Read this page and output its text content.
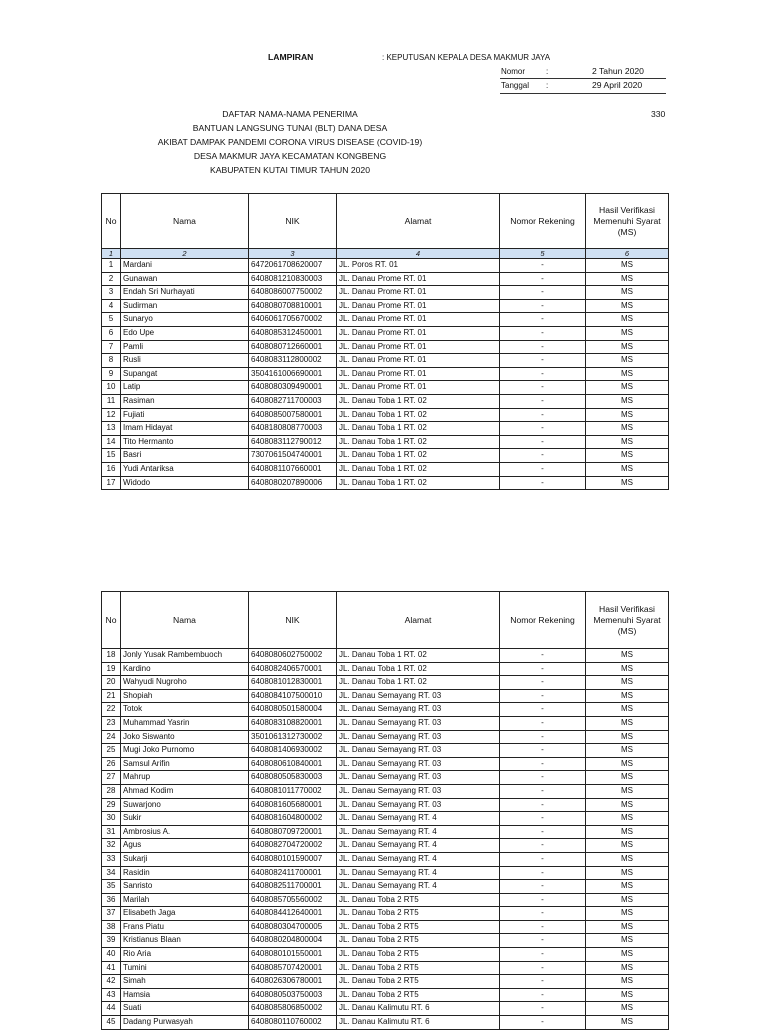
LAMPIRAN	: KEPUTUSAN KEPALA DESA MAKMUR JAYA
Nomor	:	2 Tahun 2020
Tanggal :	29 April 2020
330
DAFTAR NAMA-NAMA PENERIMA
BANTUAN LANGSUNG TUNAI (BLT) DANA DESA
AKIBAT DAMPAK PANDEMI CORONA VIRUS DISEASE (COVID-19)
DESA MAKMUR JAYA KECAMATAN KONGBENG
KABUPATEN KUTAI TIMUR TAHUN 2020
No	Nama	NIK	Alamat	Nomor Rekening	Hasil Verifikasi Memenuhi Syarat (MS)
1	2	3	4	5	6
1	Mardani	6472061708620007	JL. Poros RT. 01	-	MS
2	Gunawan	6408081210830003	JL. Danau Prome RT. 01	-	MS
3	Endah Sri Nurhayati	6408086007750002	JL. Danau Prome RT. 01	-	MS
4	Sudirman	6408080708810001	JL. Danau Prome RT. 01	-	MS
5	Sunaryo	6406061705670002	JL. Danau Prome RT. 01	-	MS
6	Edo Upe	6408085312450001	JL. Danau Prome RT. 01	-	MS
7	Pamli	6408080712660001	JL. Danau Prome RT. 01	-	MS
8	Rusli	6408083112800002	JL. Danau Prome RT. 01	-	MS
9	Supangat	3504161006690001	JL. Danau Prome RT. 01	-	MS
10	Latip	6408080309490001	JL. Danau Prome RT. 01	-	MS
11	Rasiman	6408082711700003	JL. Danau Toba 1 RT. 02	-	MS
12	Fujiati	6408085007580001	JL. Danau Toba 1 RT. 02	-	MS
13	Imam Hidayat	6408180808770003	JL. Danau Toba 1 RT. 02	-	MS
14	Tito Hermanto	6408083112790012	JL. Danau Toba 1 RT. 02	-	MS
15	Basri	7307061504740001	JL. Danau Toba 1 RT. 02	-	MS
16	Yudi Antariksa	6408081107660001	JL. Danau Toba 1 RT. 02	-	MS
17	Widodo	6408080207890006	JL. Danau Toba 1 RT. 02	-	MS
No	Nama	NIK	Alamat	Nomor Rekening	Hasil Verifikasi Memenuhi Syarat (MS)
18	Jonly Yusak Rambembuoch	6408080602750002	JL. Danau Toba 1 RT. 02	-	MS
19	Kardino	6408082406570001	JL. Danau Toba 1 RT. 02	-	MS
20	Wahyudi Nugroho	6408081012830001	JL. Danau Toba 1 RT. 02	-	MS
21	Shopiah	6408084107500010	JL. Danau Semayang RT. 03	-	MS
22	Totok	6408080501580004	JL. Danau Semayang RT. 03	-	MS
23	Muhammad Yasrin	6408083108820001	JL. Danau Semayang RT. 03	-	MS
24	Joko Siswanto	3501061312730002	JL. Danau Semayang RT. 03	-	MS
25	Mugi Joko Purnomo	6408081406930002	JL. Danau Semayang RT. 03	-	MS
26	Samsul Arifin	6408080610840001	JL. Danau Semayang RT. 03	-	MS
27	Mahrup	6408080505830003	JL. Danau Semayang RT. 03	-	MS
28	Ahmad Kodim	6408081011770002	JL. Danau Semayang RT. 03	-	MS
29	Suwarjono	6408081605680001	JL. Danau Semayang RT. 03	-	MS
30	Sukir	6408081604800002	JL. Danau Semayang RT. 4	-	MS
31	Ambrosius A.	6408080709720001	JL. Danau Semayang RT. 4	-	MS
32	Agus	6408082704720002	JL. Danau Semayang RT. 4	-	MS
33	Sukarji	6408080101590007	JL. Danau Semayang RT. 4	-	MS
34	Rasidin	6408082411700001	JL. Danau Semayang RT. 4	-	MS
35	Sanristo	6408082511700001	JL. Danau Semayang RT. 4	-	MS
36	Marilah	6408085705560002	JL. Danau Toba 2 RT5	-	MS
37	Elisabeth Jaga	6408084412640001	JL. Danau Toba 2 RT5	-	MS
38	Frans Piatu	6408080304700005	JL. Danau Toba 2 RT5	-	MS
39	Kristianus Blaan	6408080204800004	JL. Danau Toba 2 RT5	-	MS
40	Rio Aria	6408080101550001	JL. Danau Toba 2 RT5	-	MS
41	Tumini	6408085707420001	JL. Danau Toba 2 RT5	-	MS
42	Simah	6408026306780001	JL. Danau Toba 2 RT5	-	MS
43	Hamsia	6408080503750003	JL. Danau Toba 2 RT5	-	MS
44	Suati	6408085806850002	JL. Danau Kalimutu RT. 6	-	MS
45	Dadang Purwasyah	6408080110760002	JL. Danau Kalimutu RT. 6	-	MS
